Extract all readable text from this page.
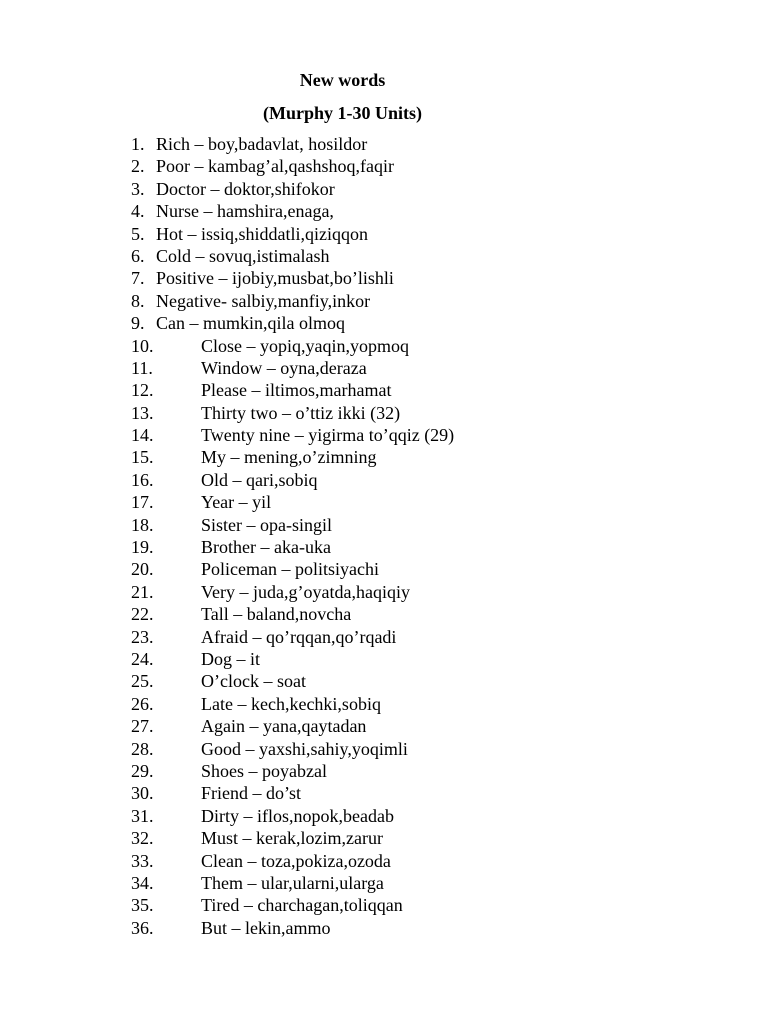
New words
(Murphy 1-30 Units)
1. Rich – boy,badavlat, hosildor
2. Poor – kambag’al,qashshoq,faqir
3. Doctor – doktor,shifokor
4. Nurse – hamshira,enaga,
5. Hot – issiq,shiddatli,qiziqqon
6. Cold – sovuq,istimalash
7. Positive – ijobiy,musbat,bo’lishli
8. Negative- salbiy,manfiy,inkor
9. Can – mumkin,qila olmoq
10.	Close – yopiq,yaqin,yopmoq
11.	Window – oyna,deraza
12.	Please – iltimos,marhamat
13.	Thirty two – o’ttiz ikki (32)
14.	Twenty nine – yigirma to’qqiz (29)
15.	My – mening,o’zimning
16.	Old – qari,sobiq
17.	Year – yil
18.	Sister – opa-singil
19.	Brother – aka-uka
20.	Policeman – politsiyachi
21.	Very – juda,g’oyatda,haqiqiy
22.	Tall – baland,novcha
23.	Afraid – qo’rqqan,qo’rqadi
24.	Dog – it
25.	O’clock – soat
26.	Late – kech,kechki,sobiq
27.	Again – yana,qaytadan
28.	Good – yaxshi,sahiy,yoqimli
29.	Shoes – poyabzal
30.	Friend – do’st
31.	Dirty – iflos,nopok,beadab
32.	Must – kerak,lozim,zarur
33.	Clean – toza,pokiza,ozoda
34.	Them – ular,ularni,ularga
35.	Tired – charchagan,toliqqan
36.	But – lekin,ammo
